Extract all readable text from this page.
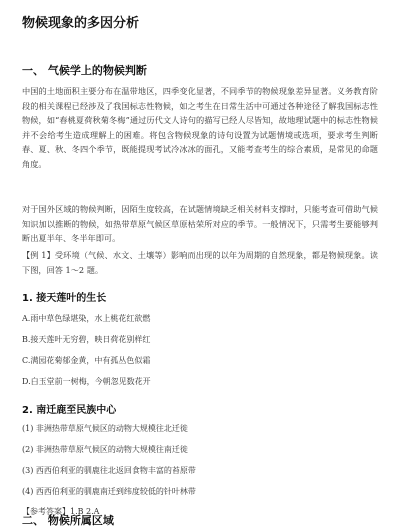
物候现象的多因分析
一、 气候学上的物候判断
中国的土地面积主要分布在温带地区，四季变化显著，不同季节的物候现象差异显著。义务教育阶段的相关课程已经涉及了我国标志性物候，如之考生在日常生活中可通过各种途径了解我国标志性物候，如“春桃夏荷秋菊冬梅”通过历代文人诗句的描写已经人尽皆知，故地理试题中的标志性物候并不会给考生造成理解上的困难。将包含物候现象的诗句设置为试题情境或选项，要求考生判断春、夏、秋、冬四个季节，既能提现考试冷冰冰的面孔，又能考查考生的综合素质，是常见的命题角度。
对于国外区域的物候判断，因陌生度较高，在试题情境缺乏相关材料支撑时，只能考查可借助气候知识加以推断的物候，如热带草原气候区草原枯荣所对应的季节。一般情况下，只需考生要能够判断出夏半年、冬半年即可。
【例 1】受环境（气候、水文、土壤等）影响而出现的以年为周期的自然现象，都是物候现象。读下图，回答 1～2 题。
1. 接天莲叶的生长
A.雨中草色绿堪染，水上桃花红欲燃
B.接天莲叶无穷碧，映日荷花别样红
C.满园花菊郁金黄，中有孤丛色似霜
D.白玉堂前一树梅，今朝忽见数花开
2. 南迁鹿至民族中心
(1) 非洲热带草原气候区的动物大规模往北迁徙
(2) 非洲热带草原气候区的动物大规模往南迁徙
(3) 西西伯利亚的驯鹿往北返回食物丰富的苔原带
(4) 西西伯利亚的驯鹿南迁到纬度较低的针叶林带
【参考答案】1.B 2.A
二、 物候所属区域
